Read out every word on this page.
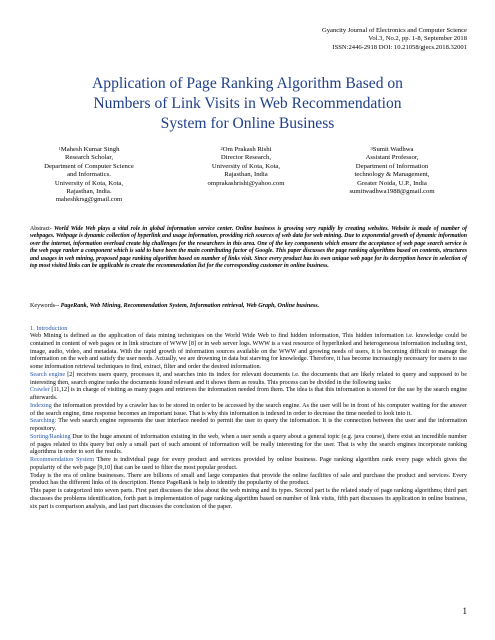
Gyancity Journal of Electronics and Computer Science
Vol.3, No.2, pp. 1-8, September 2018
ISSN:2446-2918 DOI: 10.21058/gjecs.2018.32001
Application of Page Ranking Algorithm Based on
Numbers of Link Visits in Web Recommendation
System for Online Business
$^1$Mahesh Kumar Singh
Research Scholar,
Department of Computer Science
and Informatics.
University of Kota, Kota,
Rajasthan, India.
maheshkrsg@gmail.com
$^2$Om Prakash Rishi
Director Research,
University of Kota, Kota,
Rajasthan, India
omprakashrishi@yahoo.com
$^3$Sumit Wadhwa
Assistant Professor,
Department of Information
technology & Management,
Greater Noida, U.P., India
sumitwadhwa1988@gmail.com
Abstract- World Wide Web plays a vital role in global information service center. Online business is growing very rapidly by creating websites. Website is made of number of webpages. Webpage is dynamic collection of hyperlink and usage information, providing rich sources of web data for web mining. Due to exponential growth of dynamic information over the internet, information overload create big challenges for the researchers in this area. One of the key components which ensure the acceptance of web page search service is the web page ranker a component which is said to have been the main contributing factor of Google. This paper discusses the page ranking algorithms based on contents, structures and usages in web mining, proposed page ranking algorithm based on number of links visit. Since every product has its own unique web page for its decryption hence in selection of top most visited links can be applicable to create the recommendation list for the corresponding customer in online business.
Keywords-- PageRank, Web Mining, Recommendation System, Information retrieval, Web Graph, Online business.
1. Introduction

Web Mining is defined as the application of data mining techniques on the World Wide Web to find hidden information, This hidden information i.e. knowledge could be contained in content of web pages or in link structure of WWW [8] or in web server logs. WWW is a vast resource of hyperlinked and heterogeneous information including text, image, audio, video, and metadata. With the rapid growth of information sources available on the WWW and growing needs of users, it is becoming difficult to manage the information on the web and satisfy the user needs. Actually, we are drowning in data but starving for knowledge. Therefore, it has become increasingly necessary for users to use some information retrieval techniques to find, extract, filter and order the desired information.

Search engine [2] receives users query, processes it, and searches into its index for relevant documents i.e. the documents that are likely related to query and supposed to be interesting then, search engine ranks the documents found relevant and it shows them as results. This process can be divided in the following tasks:

Crawler [11,12] is in charge of visiting as many pages and retrieves the information needed from them. The idea is that this information is stored for the use by the search engine afterwards.

Indexing the information provided by a crawler has to be stored in order to be accessed by the search engine. As the user will be in front of his computer waiting for the answer of the search engine, time response becomes an important issue. That is why this information is indexed in order to decrease the time needed to look into it.

Searching: The web search engine represents the user interface needed to permit the user to query the information. It is the connection between the user and the information repository.

Sorting/Ranking Due to the huge amount of information existing in the web, when a user sends a query about a general topic (e.g. java course), there exist an incredible number of pages related to this query but only a small part of such amount of information will be really interesting for the user. That is why the search engines incorporate ranking algorithms in order to sort the results.

Recommendation System There is individual page for every product and services provided by online business. Page ranking algorithm rank every page which gives the popularity of the web page [9,10] that can be used to filter the most popular product.

Today is the era of online businesses. There are billions of small and large companies that provide the online facilities of sale and purchase the product and services. Every product has the different links of its description. Hence PageRank is help to identify the popularity of the product.

This paper is categorized into seven parts. First part discusses the idea about the web mining and its types. Second part is the related study of page ranking algorithms; third part discusses the problems identification, forth part is implementation of page ranking algorithm based on number of link visits, fifth part discusses its application in online business, six part is comparison analysis, and last part discusses the conclusion of the paper.

1
